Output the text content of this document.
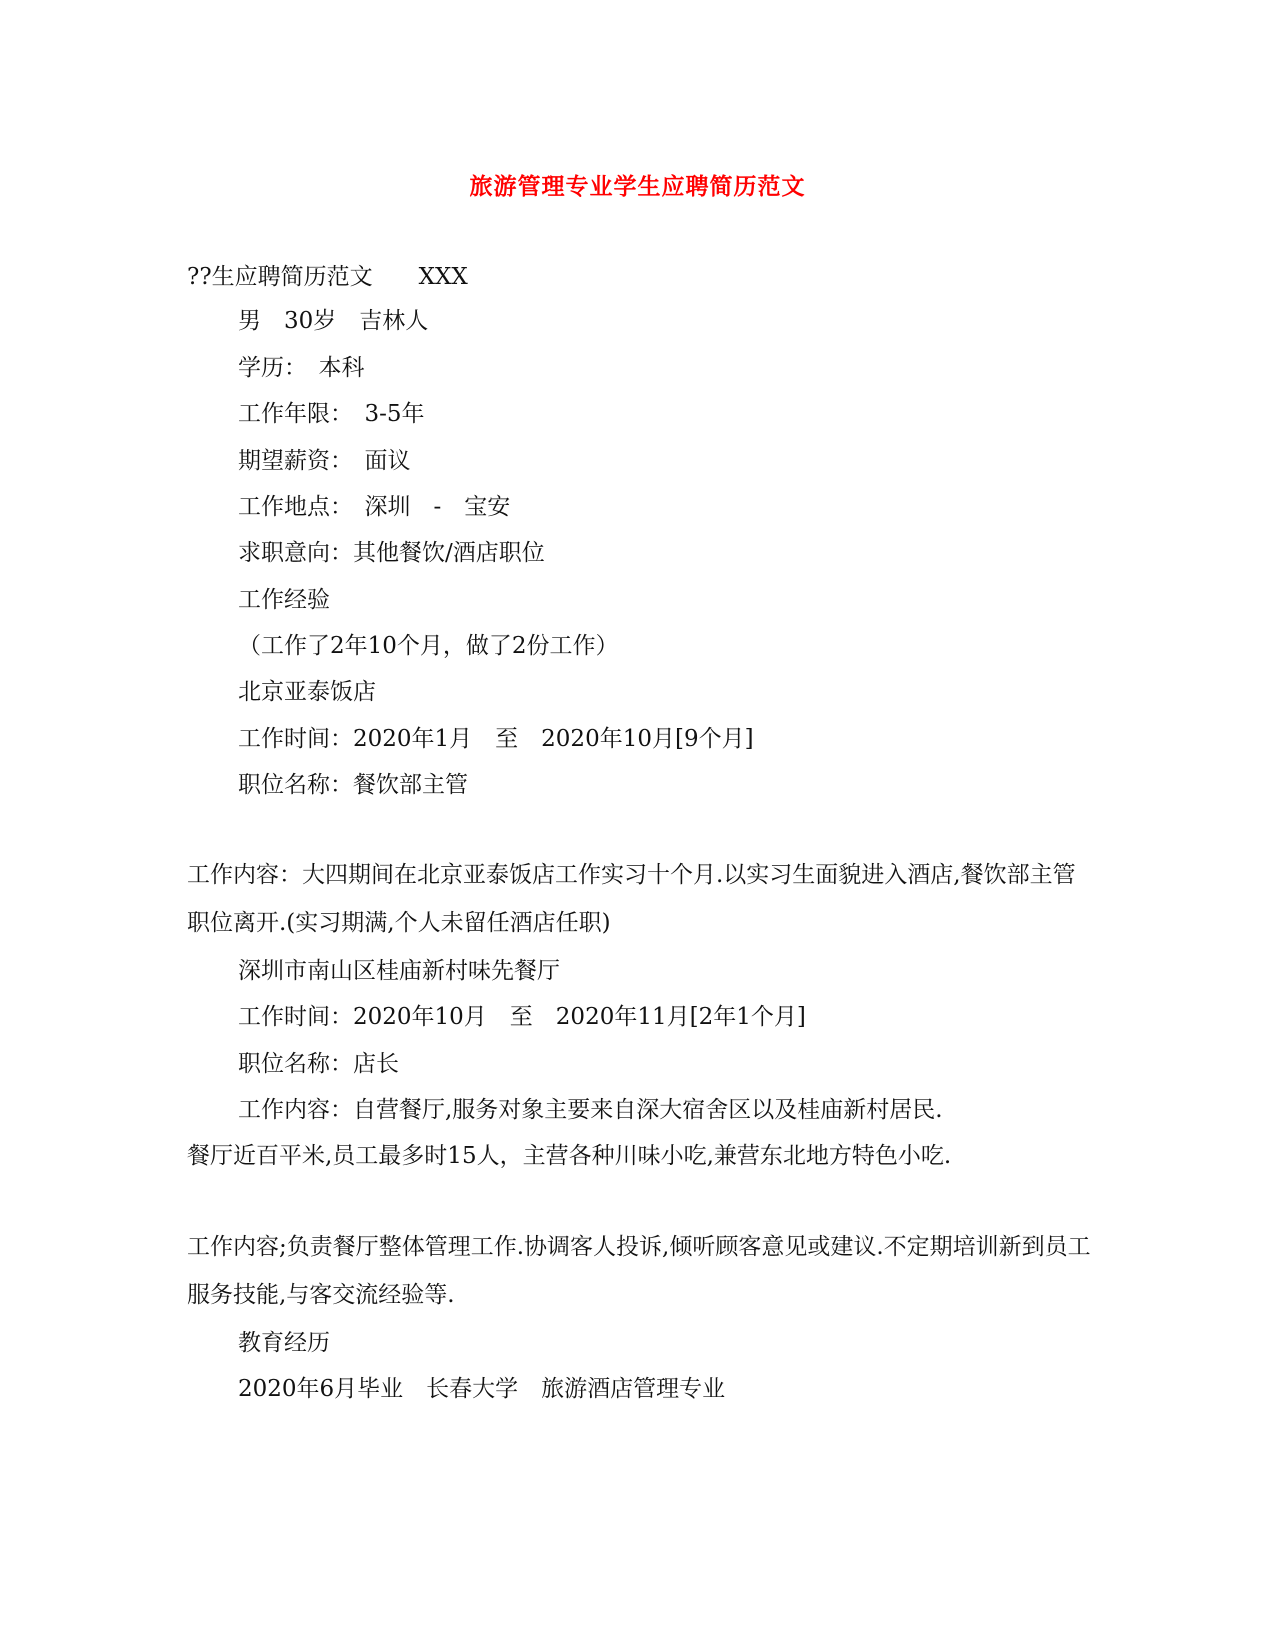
旅游管理专业学生应聘简历范文
??生应聘简历范文　　XXX
男　30岁　吉林人
学历：　本科
工作年限：　3-5年
期望薪资：　面议
工作地点：　深圳　-　宝安
求职意向：其他餐饮/酒店职位
工作经验
（工作了2年10个月，做了2份工作）
北京亚泰饭店
工作时间：2020年1月　至　2020年10月[9个月]
职位名称：餐饮部主管
工作内容：大四期间在北京亚泰饭店工作实习十个月.以实习生面貌进入酒店,餐饮部主管职位离开.(实习期满,个人未留任酒店任职)
深圳市南山区桂庙新村味先餐厅
工作时间：2020年10月　至　2020年11月[2年1个月]
职位名称：店长
工作内容：自营餐厅,服务对象主要来自深大宿舍区以及桂庙新村居民.
餐厅近百平米,员工最多时15人，主营各种川味小吃,兼营东北地方特色小吃.
工作内容;负责餐厅整体管理工作.协调客人投诉,倾听顾客意见或建议.不定期培训新到员工服务技能,与客交流经验等.
教育经历
2020年6月毕业　长春大学　旅游酒店管理专业
